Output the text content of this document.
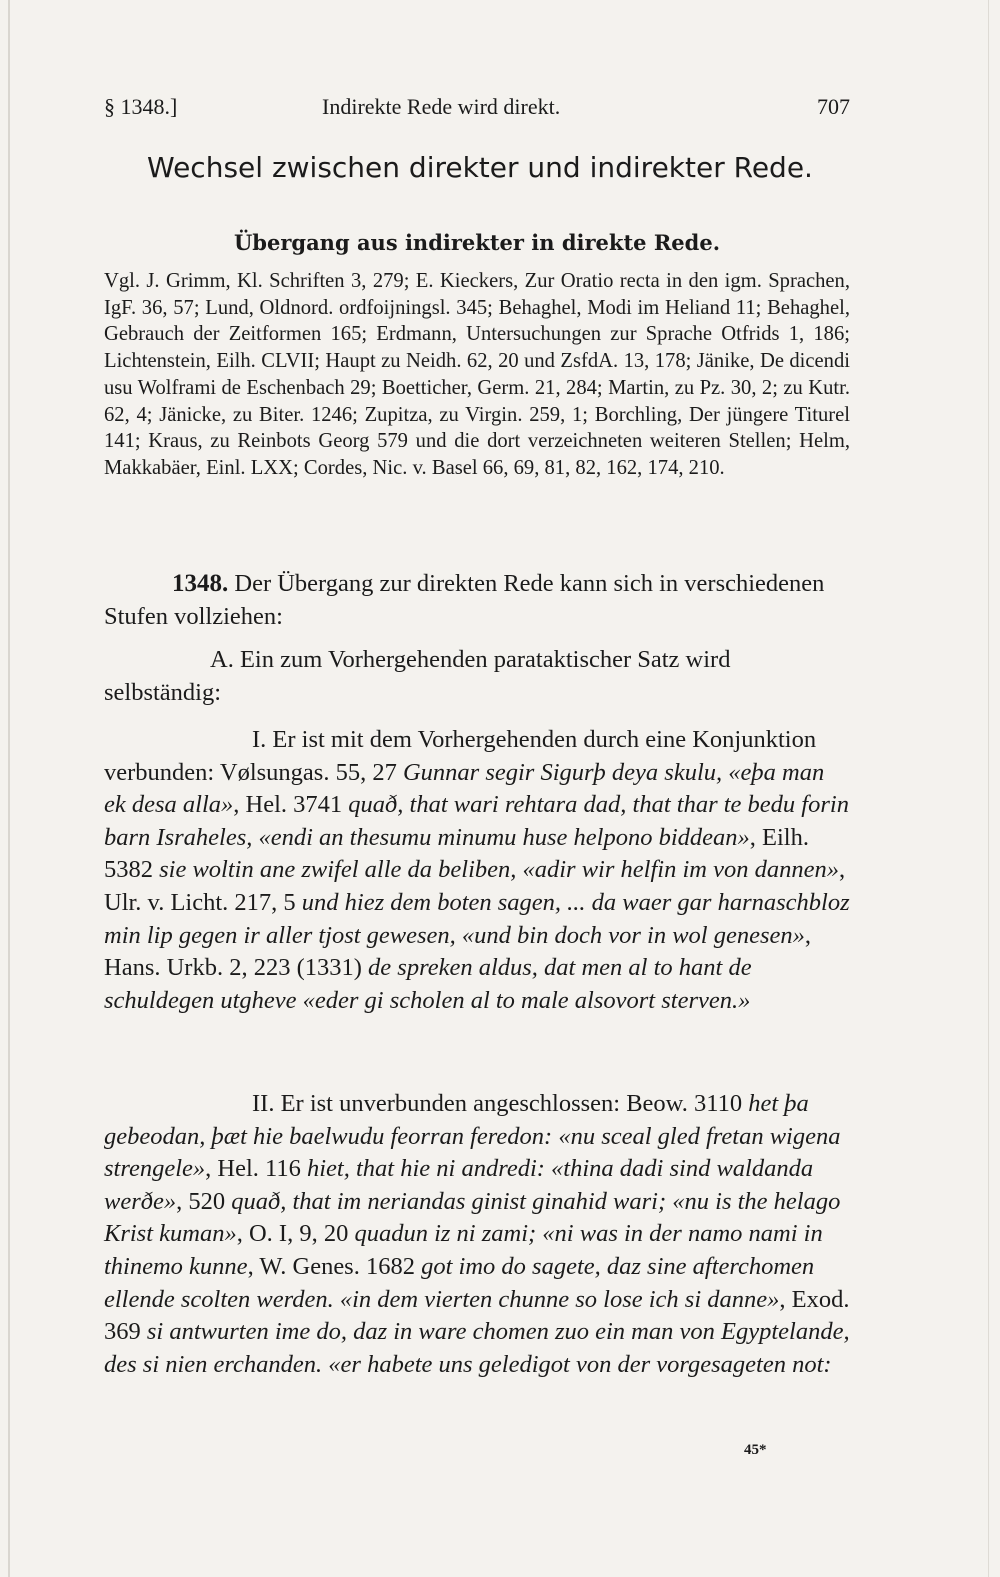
§ 1348.]	Indirekte Rede wird direkt.	707
Wechsel zwischen direkter und indirekter Rede.
Übergang aus indirekter in direkte Rede.
Vgl. J. Grimm, Kl. Schriften 3, 279; E. Kieckers, Zur Oratio recta in den igm. Sprachen, IgF. 36, 57; Lund, Oldnord. ordfoijningsl. 345; Behaghel, Modi im Heliand 11; Behaghel, Gebrauch der Zeitformen 165; Erdmann, Untersuchungen zur Sprache Otfrids 1, 186; Lichtenstein, Eilh. CLVII; Haupt zu Neidh. 62, 20 und ZsfdA. 13, 178; Jänike, De dicendi usu Wolframi de Eschenbach 29; Boetticher, Germ. 21, 284; Martin, zu Pz. 30, 2; zu Kutr. 62, 4; Jänicke, zu Biter. 1246; Zupitza, zu Virgin. 259, 1; Borchling, Der jüngere Titurel 141; Kraus, zu Reinbots Georg 579 und die dort verzeichneten weiteren Stellen; Helm, Makkabäer, Einl. LXX; Cordes, Nic. v. Basel 66, 69, 81, 82, 162, 174, 210.
1348. Der Übergang zur direkten Rede kann sich in verschiedenen Stufen vollziehen:
A. Ein zum Vorhergehenden parataktischer Satz wird selbständig:
I. Er ist mit dem Vorhergehenden durch eine Konjunktion verbunden: Vølsungas. 55, 27 Gunnar segir Sigurþ deya skulu, «eþa man ek desa alla», Hel. 3741 quað, that wari rehtara dad, that thar te bedu forin barn Israheles, «endi an thesumu minumu huse helpono biddean», Eilh. 5382 sie woltin ane zwifel alle da beliben, «adir wir helfin im von dannen», Ulr. v. Licht. 217, 5 und hiez dem boten sagen, ... da waer gar harnaschbloz min lip gegen ir aller tjost gewesen, «und bin doch vor in wol genesen», Hans. Urkb. 2, 223 (1331) de spreken aldus, dat men al to hant de schuldegen utgheve «eder gi scholen al to male alsovort sterven.»
II. Er ist unverbunden angeschlossen: Beow. 3110 het þa gebeodan, þæt hie baelwudu feorran feredon: «nu sceal gled fretan wigena strengele», Hel. 116 hiet, that hie ni andredi: «thina dadi sind waldanda werðe», 520 quað, that im neriandas ginist ginahid wari; «nu is the helago Krist kuman», O. I, 9, 20 quadun iz ni zami; «ni was in der namo nami in thinemo kunne, W. Genes. 1682 got imo do sagete, daz sine afterchomen ellende scolten werden. «in dem vierten chunne so lose ich si danne», Exod. 369 si antwurten ime do, daz in ware chomen zuo ein man von Egyptelande, des si nien erchanden. «er habete uns geledigot von der vorgesageten not:
45*
